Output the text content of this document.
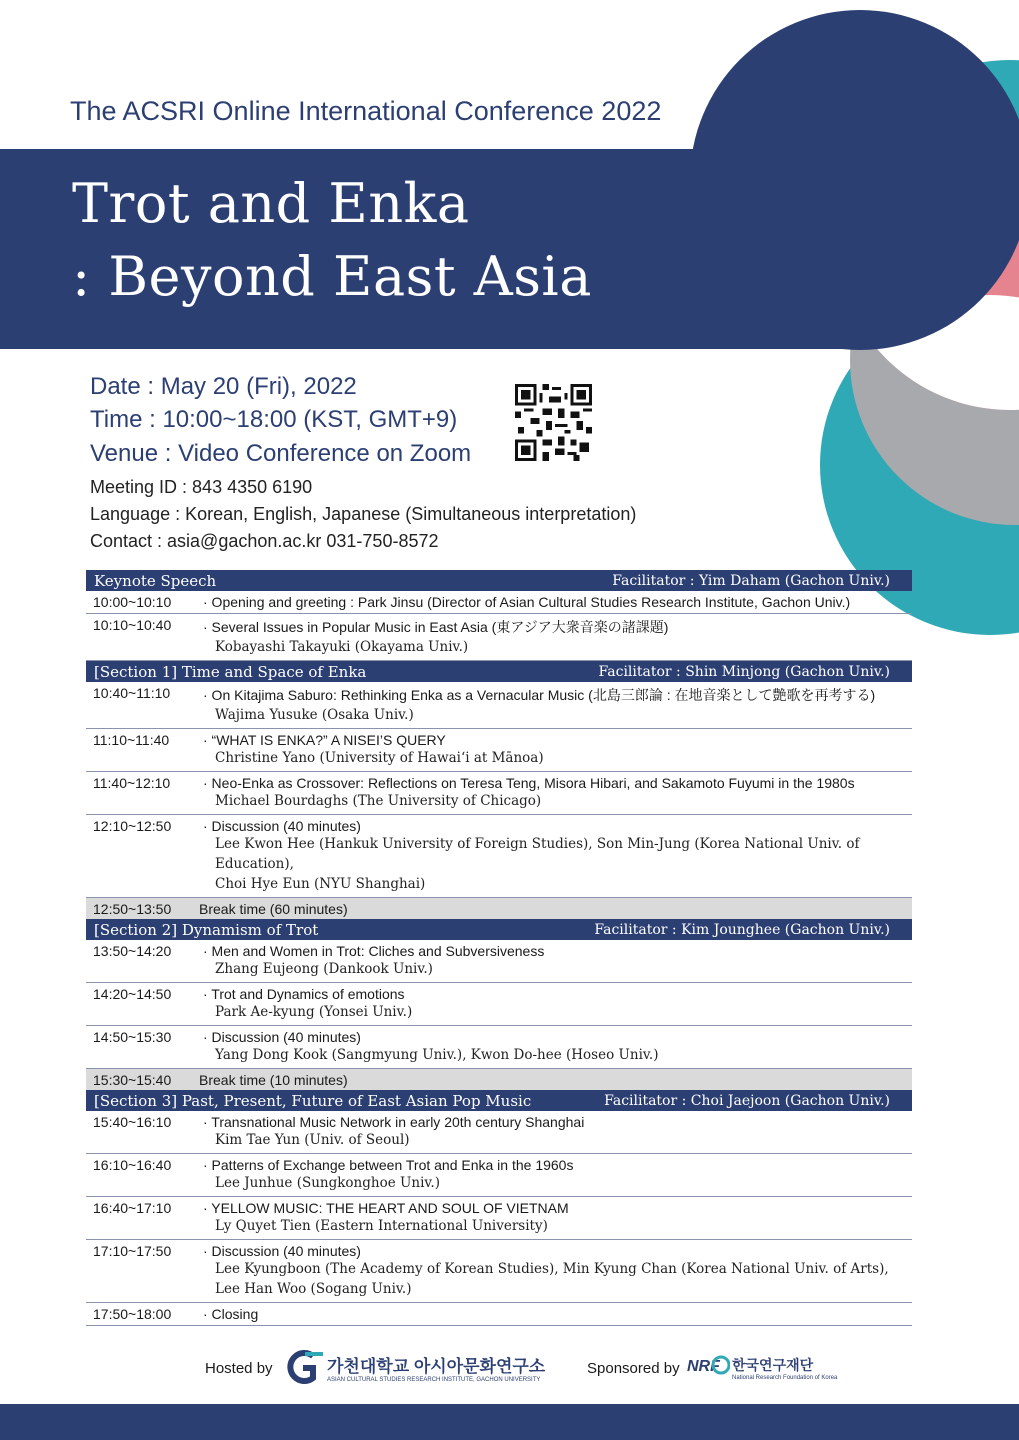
The ACSRI Online International Conference 2022
Trot and Enka
: Beyond East Asia
Date : May 20 (Fri), 2022
Time : 10:00~18:00 (KST, GMT+9)
Venue : Video Conference on Zoom
Meeting ID : 843 4350 6190
Language : Korean, English, Japanese (Simultaneous interpretation)
Contact : asia@gachon.ac.kr 031-750-8572
Keynote Speech	Facilitator : Yim Daham (Gachon Univ.)
10:00~10:10	· Opening and greeting : Park Jinsu (Director of Asian Cultural Studies Research Institute, Gachon Univ.)
10:10~10:40	· Several Issues in Popular Music in East Asia (東アジア大衆音楽の諸課題)
Kobayashi Takayuki (Okayama Univ.)
[Section 1] Time and Space of Enka	Facilitator : Shin Minjong (Gachon Univ.)
10:40~11:10	· On Kitajima Saburo: Rethinking Enka as a Vernacular Music (北島三郎論 : 在地音楽として艶歌を再考する)
Wajima Yusuke (Osaka Univ.)
11:10~11:40	· “WHAT IS ENKA?” A NISEI’S QUERY
Christine Yano (University of Hawai‘i at Mānoa)
11:40~12:10	· Neo-Enka as Crossover: Reflections on Teresa Teng, Misora Hibari, and Sakamoto Fuyumi in the 1980s
Michael Bourdaghs (The University of Chicago)
12:10~12:50	· Discussion (40 minutes)
Lee Kwon Hee (Hankuk University of Foreign Studies), Son Min-Jung (Korea National Univ. of Education),
Choi Hye Eun (NYU Shanghai)
12:50~13:50	Break time (60 minutes)
[Section 2] Dynamism of Trot	Facilitator : Kim Jounghee (Gachon Univ.)
13:50~14:20	· Men and Women in Trot: Cliches and Subversiveness
Zhang Eujeong (Dankook Univ.)
14:20~14:50	· Trot and Dynamics of emotions
Park Ae-kyung (Yonsei Univ.)
14:50~15:30	· Discussion (40 minutes)
Yang Dong Kook (Sangmyung Univ.), Kwon Do-hee (Hoseo Univ.)
15:30~15:40	Break time (10 minutes)
[Section 3] Past, Present, Future of East Asian Pop Music	Facilitator : Choi Jaejoon (Gachon Univ.)
15:40~16:10	· Transnational Music Network in early 20th century Shanghai
Kim Tae Yun (Univ. of Seoul)
16:10~16:40	· Patterns of Exchange between Trot and Enka in the 1960s
Lee Junhue (Sungkonghoe Univ.)
16:40~17:10	· YELLOW MUSIC: THE HEART AND SOUL OF VIETNAM
Ly Quyet Tien (Eastern International University)
17:10~17:50	· Discussion (40 minutes)
Lee Kyungboon (The Academy of Korean Studies), Min Kyung Chan (Korea National Univ. of Arts),
Lee Han Woo (Sogang Univ.)
17:50~18:00	· Closing
Hosted by	가천대학교 아시아문화연구소
ASIAN CULTURAL STUDIES RESEARCH INSTITUTE, GACHON UNIVERSITY
Sponsored by NRF 한국연구재단
National Research Foundation of Korea
